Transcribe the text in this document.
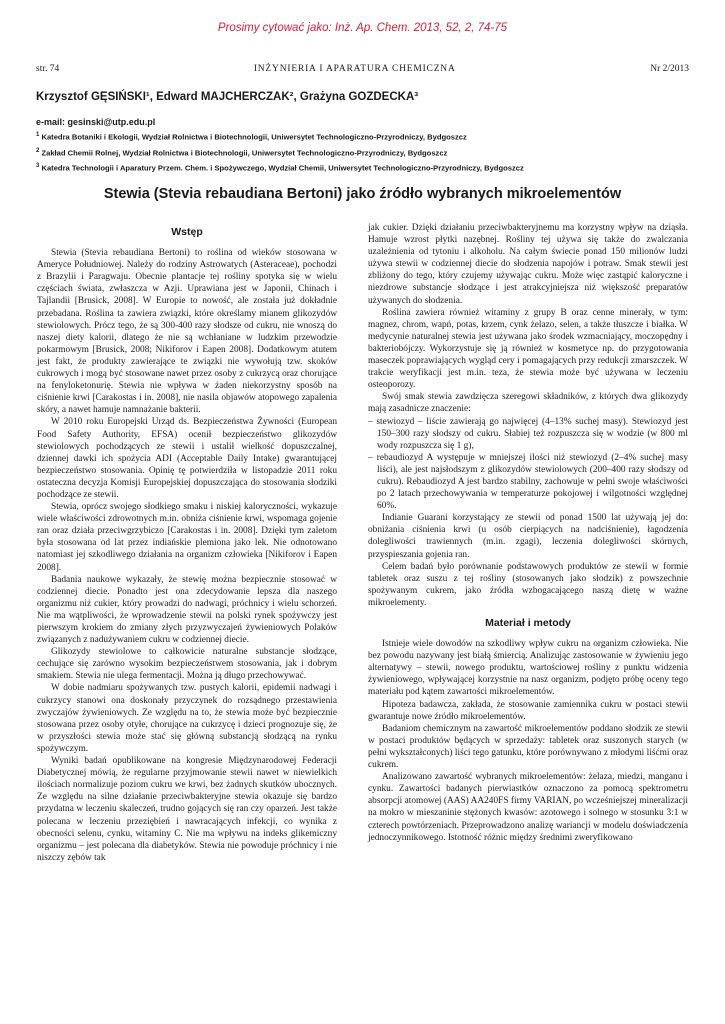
Prosimy cytować jako: Inż. Ap. Chem. 2013, 52, 2, 74-75
str. 74	INŻYNIERIA I APARATURA CHEMICZNA	Nr 2/2013
Krzysztof GĘSIŃSKI¹, Edward MAJCHERCZAK², Grażyna GOZDECKA³
e-mail: gesinski@utp.edu.pl
$^1$ Katedra Botaniki i Ekologii, Wydział Rolnictwa i Biotechnologii, Uniwersytet Technologiczno-Przyrodniczy, Bydgoszcz
$^2$ Zakład Chemii Rolnej, Wydział Rolnictwa i Biotechnologii, Uniwersytet Technologiczno-Przyrodniczy, Bydgoszcz
$^3$ Katedra Technologii i Aparatury Przem. Chem. i Spożywczego, Wydział Chemii, Uniwersytet Technologiczno-Przyrodniczy, Bydgoszcz
Stewia (Stevia rebaudiana Bertoni) jako źródło wybranych mikroelementów
Wstęp

Stewia (Stevia rebaudiana Bertoni) to roślina od wieków stosowana w Ameryce Południowej. Należy do rodziny Astrowatych (Asteraceae), pochodzi z Brazylii i Paragwaju. Obecnie plantacje tej rośliny spotyka się w wielu częściach świata, zwłaszcza w Azji. Uprawiana jest w Japonii, Chinach i Tajlandii [Brusick, 2008]. W Europie to nowość, ale została już dokładnie przebadana. Roślina ta zawiera związki, które określamy mianem glikozydów stewiolowych. Prócz tego, że są 300-400 razy słodsze od cukru, nie wnoszą do naszej diety kalorii, dlatego że nie są wchłaniane w ludzkim przewodzie pokarmowym [Brusick, 2008; Nikiforov i Eapen 2008]. Dodatkowym atutem jest fakt, że produkty zawierające te związki nie wywołują tzw. skoków cukrowych i mogą być stosowane nawet przez osoby z cukrzycą oraz chorujące na fenyloketonurię. Stewia nie wpływa w żaden niekorzystny sposób na ciśnienie krwi [Carakostas i in. 2008], nie nasila objawów atopowego zapalenia skóry, a nawet hamuje namnażanie bakterii.

W 2010 roku Europejski Urząd ds. Bezpieczeństwa Żywności (European Food Safety Authority, EFSA) ocenił bezpieczeństwo glikozydów stewiolowych pochodzących ze stewii i ustalił wielkość dopuszczalnej, dziennej dawki ich spożycia ADI (Acceptable Daily Intake) gwarantującej bezpieczeństwo stosowania. Opinię tę potwierdziła w listopadzie 2011 roku ostateczna decyzja Komisji Europejskiej dopuszczająca do stosowania słodziki pochodzące ze stewii.

Stewia, oprócz swojego słodkiego smaku i niskiej kaloryczności, wykazuje wiele właściwości zdrowotnych m.in. obniża ciśnienie krwi, wspomaga gojenie ran oraz działa przeciwgrzybiczo [Carakostas i in. 2008]. Dzięki tym zaletom była stosowana od lat przez indiańskie plemiona jako lek. Nie odnotowano natomiast jej szkodliwego działania na organizm człowieka [Nikiforov i Eapen 2008].

Badania naukowe wykazały, że stewię można bezpiecznie stosować w codziennej diecie. Ponadto jest ona zdecydowanie lepsza dla naszego organizmu niż cukier, który prowadzi do nadwagi, próchnicy i wielu schorzeń. Nie ma wątpliwości, że wprowadzenie stewii na polski rynek spożywczy jest pierwszym krokiem do zmiany złych przyzwyczajeń żywieniowych Polaków związanych z nadużywaniem cukru w codziennej diecie.

Glikozydy stewiolowe to całkowicie naturalne substancje słodzące, cechujące się zarówno wysokim bezpieczeństwem stosowania, jak i dobrym smakiem. Stewia nie ulega fermentacji. Można ją długo przechowywać.

W dobie nadmiaru spożywanych tzw. pustych kalorii, epidemii nadwagi i cukrzycy stanowi ona doskonały przyczynek do rozsądnego przestawienia zwyczajów żywieniowych. Ze względu na to, że stewia może być bezpiecznie stosowana przez osoby otyłe, chorujące na cukrzycę i dzieci prognozuje się, że w przyszłości stewia może stać się główną substancją słodzącą na rynku spożywczym.

Wyniki badań opublikowane na kongresie Międzynarodowej Federacji Diabetycznej mówią, że regularne przyjmowanie stewii nawet w niewielkich ilościach normalizuje poziom cukru we krwi, bez żadnych skutków ubocznych. Ze względu na silne działanie przeciwbakteryjne stewia okazuje się bardzo przydatna w leczeniu skaleczeń, trudno gojących się ran czy oparzeń. Jest także polecana w leczeniu przeziębień i nawracających infekcji, co wynika z obecności selenu, cynku, witaminy C. Nie ma wpływu na indeks glikemiczny organizmu – jest polecana dla diabetyków. Stewia nie powoduje próchnicy i nie niszczy zębów tak

jak cukier. Dzięki działaniu przeciwbakteryjnemu ma korzystny wpływ na dziąsła. Hamuje wzrost płytki nazębnej. Rośliny tej używa się także do zwalczania uzależnienia od tytoniu i alkoholu. Na całym świecie ponad 150 milionów ludzi używa stewii w codziennej diecie do słodzenia napojów i potraw. Smak stewii jest zbliżony do tego, który czujemy używając cukru. Może więc zastąpić kaloryczne i niezdrowe substancje słodzące i jest atrakcyjniejsza niż większość preparatów używanych do słodzenia.

Roślina zawiera również witaminy z grupy B oraz cenne minerały, w tym: magnez, chrom, wapń, potas, krzem, cynk żelazo, selen, a także tłuszcze i białka. W medycynie naturalnej stewia jest używana jako środek wzmacniający, moczopędny i bakteriobójczy. Wykorzystuje się ją również w kosmetyce np. do przygotowania maseczek poprawiających wygląd cery i pomagających przy redukcji zmarszczek. W trakcie weryfikacji jest m.in. teza, że stewia może być używana w leczeniu osteoporozy.

Swój smak stewia zawdzięcza szeregowi składników, z których dwa glikozydy mają zasadnicze znaczenie:

– stewiozyd – liście zawierają go najwięcej (4–13% suchej masy). Stewiozyd jest 150–300 razy słodszy od cukru. Słabiej też rozpuszcza się w wodzie (w 800 ml wody rozpuszcza się 1 g),
– rebaudiozyd A występuje w mniejszej ilości niż stewiozyd (2–4% suchej masy liści), ale jest najsłodszym z glikozydów stewiolowych (200–400 razy słodszy od cukru). Rebaudiozyd A jest bardzo stabilny, zachowuje w pełni swoje właściwości po 2 latach przechowywania w temperaturze pokojowej i wilgotności względnej 60%.

Indianie Guarani korzystający ze stewii od ponad 1500 lat używają jej do: obniżania ciśnienia krwi (u osób cierpiących na nadciśnienie), łagodzenia dolegliwości trawiennych (m.in. zgagi), leczenia dolegliwości skórnych, przyspieszania gojenia ran.

Celem badań było porównanie podstawowych produktów ze stewii w formie tabletek oraz suszu z tej rośliny (stosowanych jako słodzik) z powszechnie spożywanym cukrem, jako źródła wzbogacającego naszą dietę w ważne mikroelementy.

Materiał i metody

Istnieje wiele dowodów na szkodliwy wpływ cukru na organizm człowieka. Nie bez powodu nazywany jest białą śmiercią. Analizując zastosowanie w żywieniu jego alternatywy – stewii, nowego produktu, wartościowej rośliny z punktu widzenia żywieniowego, wpływającej korzystnie na nasz organizm, podjęto próbę oceny tego materiału pod kątem zawartości mikroelementów.

Hipoteza badawcza, zakłada, że stosowanie zamiennika cukru w postaci stewii gwarantuje nowe źródło mikroelementów.

Badaniom chemicznym na zawartość mikroelementów poddano słodzik ze stewii w postaci produktów będących w sprzedaży: tabletek oraz suszonych starych (w pełni wykształconych) liści tego gatunku, które porównywano z młodymi liśćmi oraz cukrem.

Analizowano zawartość wybranych mikroelementów: żelaza, miedzi, manganu i cynku. Zawartości badanych pierwiastków oznaczono za pomocą spektrometru absorpcji atomowej (AAS) AA240FS firmy VARIAN, po wcześniejszej mineralizacji na mokro w mieszaninie stężonych kwasów: azotowego i solnego w stosunku 3:1 w czterech powtórzeniach. Przeprowadzono analizę wariancji w modelu doświadczenia jednoczynnikowego. Istotność różnic między średnimi zweryfikowano
